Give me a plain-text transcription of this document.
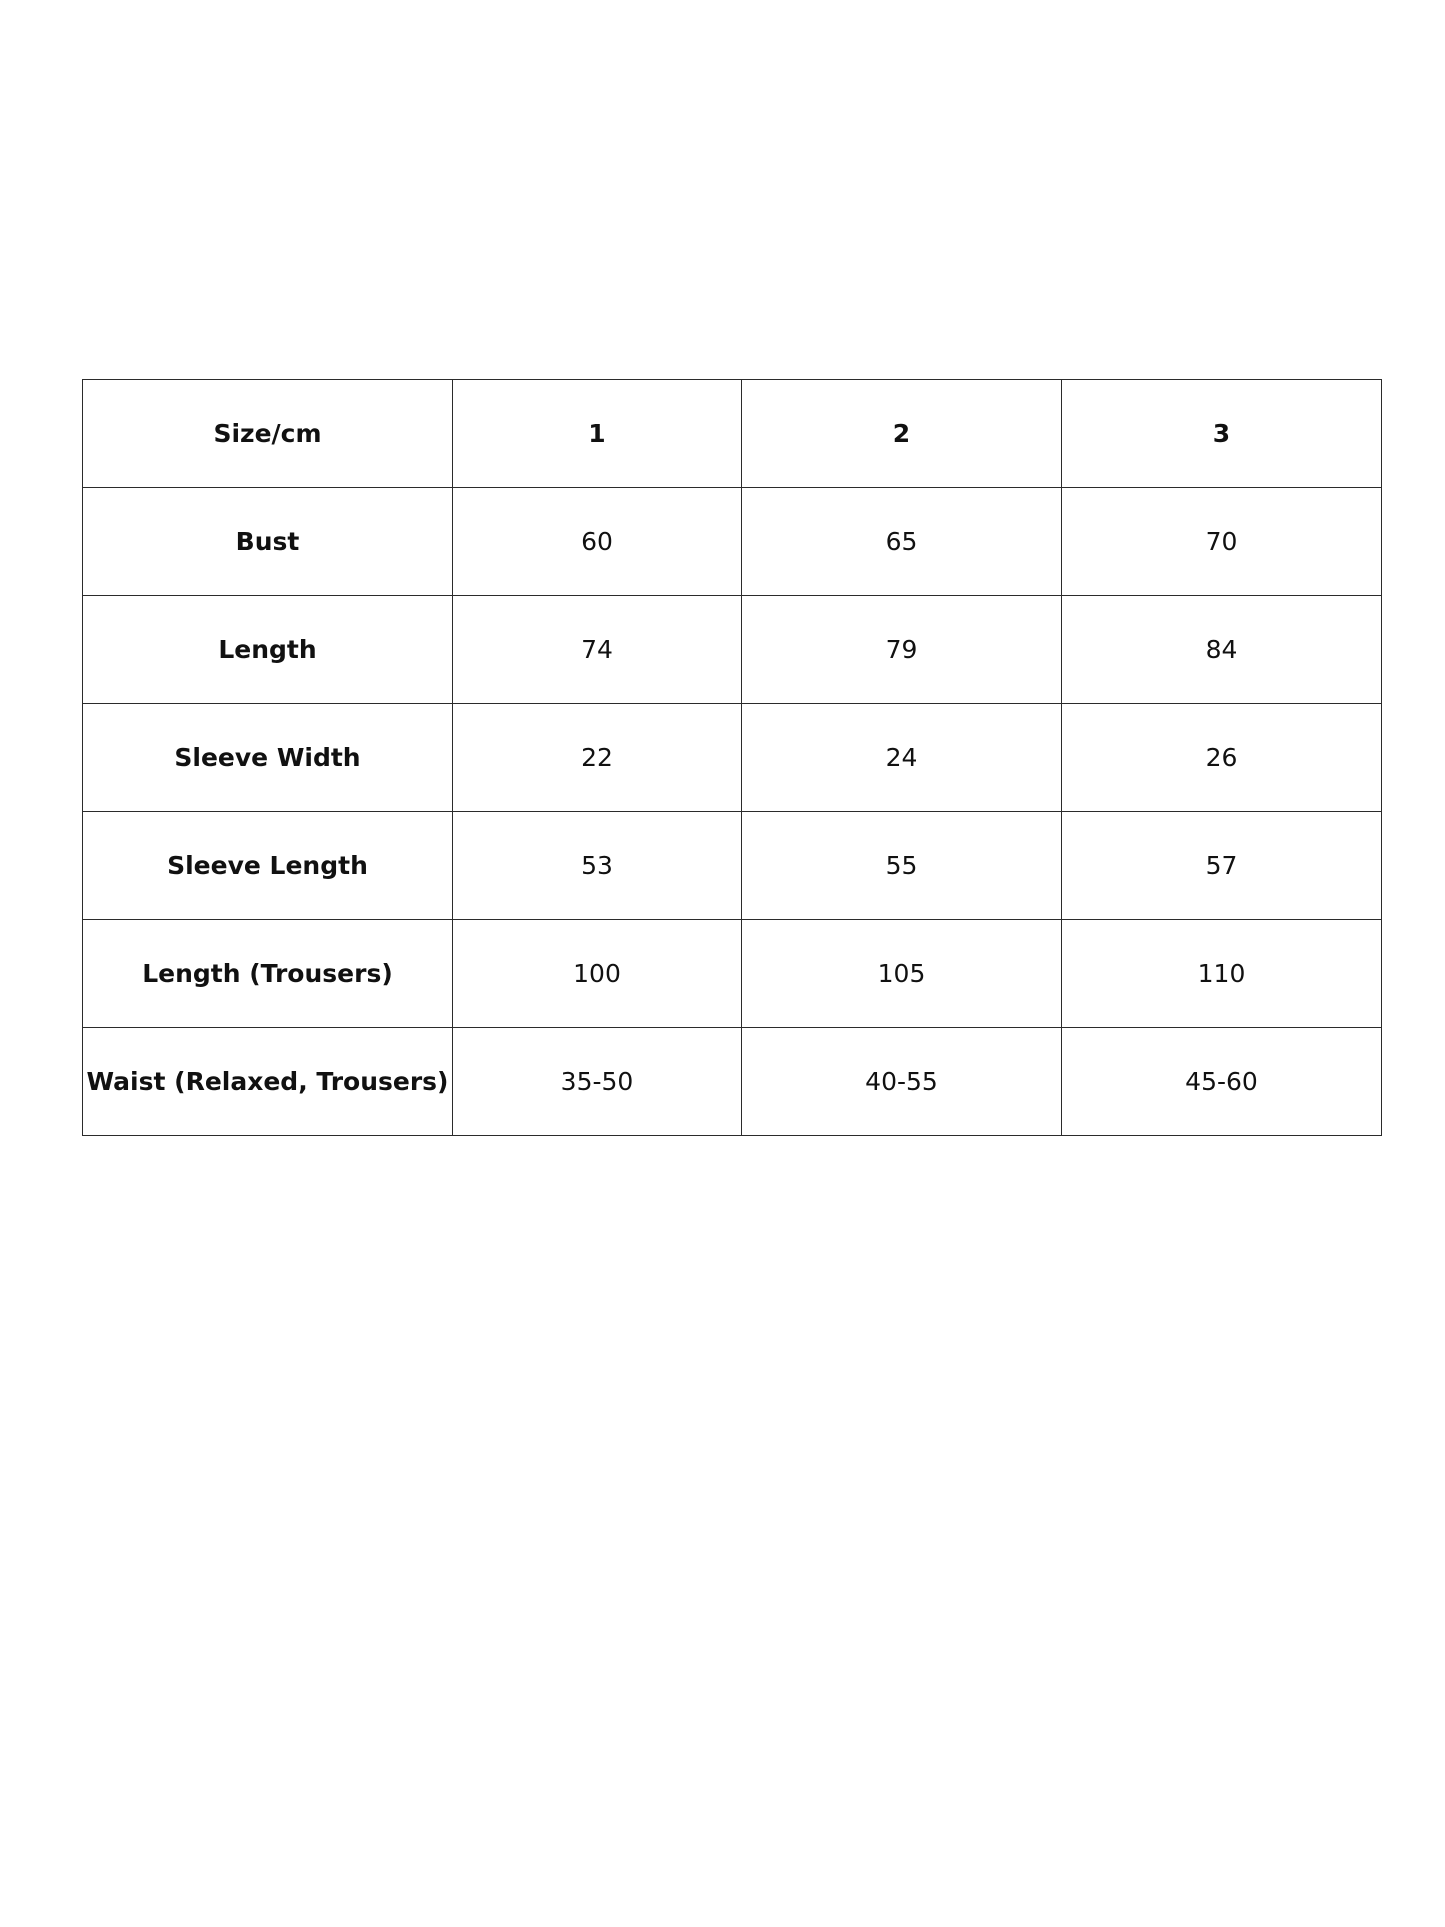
Size/cm	1	2	3
Bust	60	65	70
Length	74	79	84
Sleeve Width	22	24	26
Sleeve Length	53	55	57
Length (Trousers)	100	105	110
Waist (Relaxed, Trousers)	35-50	40-55	45-60
